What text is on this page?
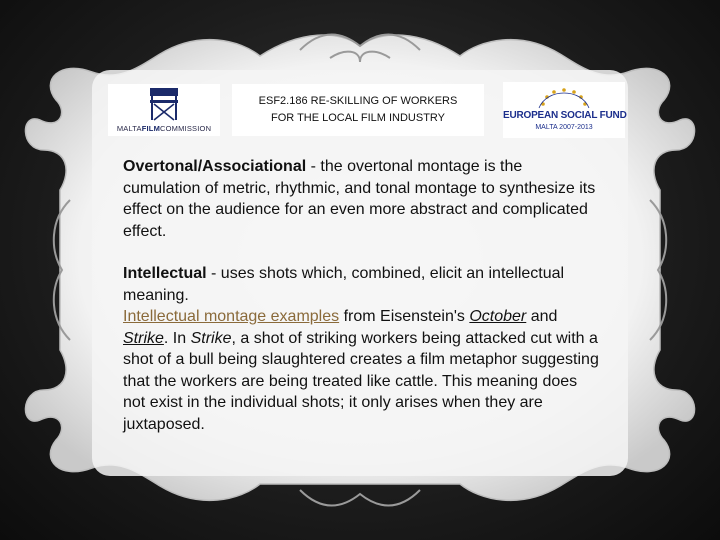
MALTAFILMCOMMISSION
ESF2.186 RE-SKILLING OF WORKERS
FOR THE LOCAL FILM INDUSTRY	EUROPEAN SOCIAL FUND
MALTA 2007-2013

Overtonal/Associational - the overtonal montage is the cumulation of metric, rhythmic, and tonal montage to synthesize its effect on the audience for an even more abstract and complicated effect.

Intellectual - uses shots which, combined, elicit an intellectual meaning.
Intellectual montage examples from Eisenstein's October and Strike. In Strike, a shot of striking workers being attacked cut with a shot of a bull being slaughtered creates a film metaphor suggesting that the workers are being treated like cattle. This meaning does not exist in the individual shots; it only arises when they are juxtaposed.
